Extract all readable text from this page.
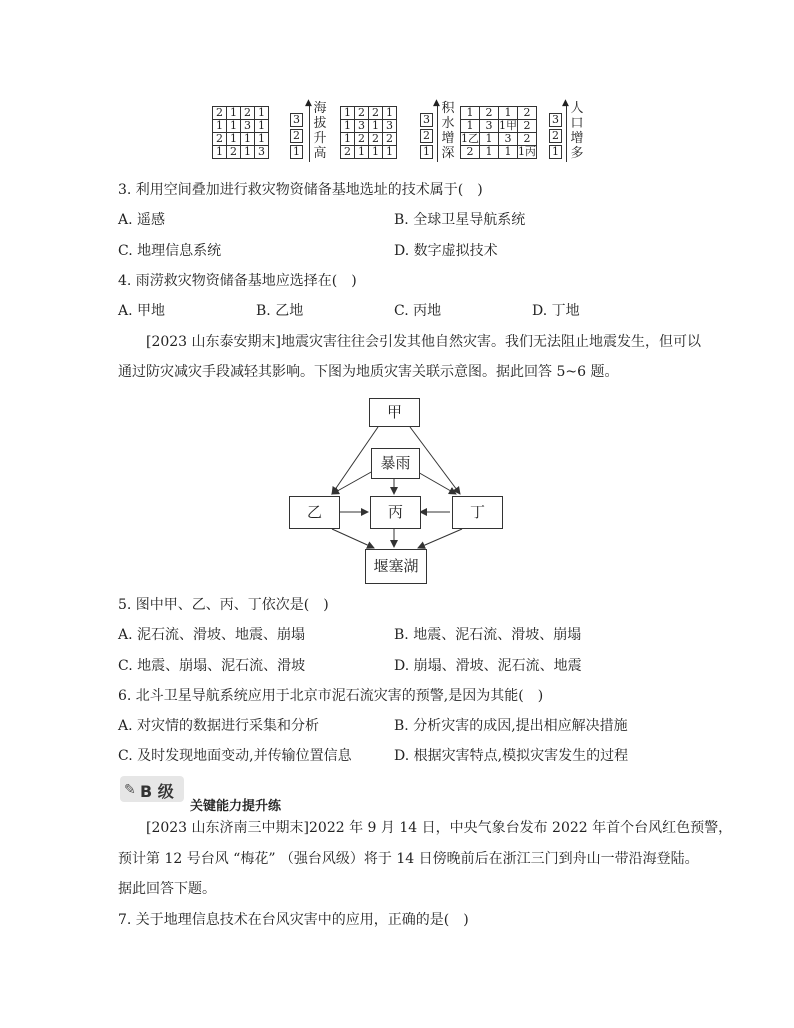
2	1	2	1
1	1	3	1
2	1	1	1
1	2	1	3
3
2
1
▲ 海
拔
升
高
1	2	2	1
1	3	1	3
1	2	2	2
2	1	1	1
3
2
1
▲ 积
水
增
深
1	2	1	2
1	3	1甲	2
1乙	1	3	2
2	1	1	1丙
3
2
1
▲ 人
口
增
多
3. 利用空间叠加进行救灾物资储备基地选址的技术属于(　)
A. 遥感	B. 全球卫星导航系统
C. 地理信息系统	D. 数字虚拟技术
4. 雨涝救灾物资储备基地应选择在(　)
A. 甲地	B. 乙地	C. 丙地	D. 丁地
[2023 山东泰安期末]地震灾害往往会引发其他自然灾害。我们无法阻止地震发生，但可以
通过防灾减灾手段减轻其影响。下图为地质灾害关联示意图。据此回答 5~6 题。
甲
暴雨
乙	丙	丁
堰塞湖
5. 图中甲、乙、丙、丁依次是(　)
A. 泥石流、滑坡、地震、崩塌	B. 地震、泥石流、滑坡、崩塌
C. 地震、崩塌、泥石流、滑坡	D. 崩塌、滑坡、泥石流、地震
6. 北斗卫星导航系统应用于北京市泥石流灾害的预警,是因为其能(　)
A. 对灾情的数据进行采集和分析	B. 分析灾害的成因,提出相应解决措施
C. 及时发现地面变动,并传输位置信息	D. 根据灾害特点,模拟灾害发生的过程
✎ B 级
关键能力提升练
[2023 山东济南三中期末]2022 年 9 月 14 日，中央气象台发布 2022 年首个台风红色预警，
预计第 12 号台风 “梅花” （强台风级）将于 14 日傍晚前后在浙江三门到舟山一带沿海登陆。
据此回答下题。
7. 关于地理信息技术在台风灾害中的应用，正确的是(　)
